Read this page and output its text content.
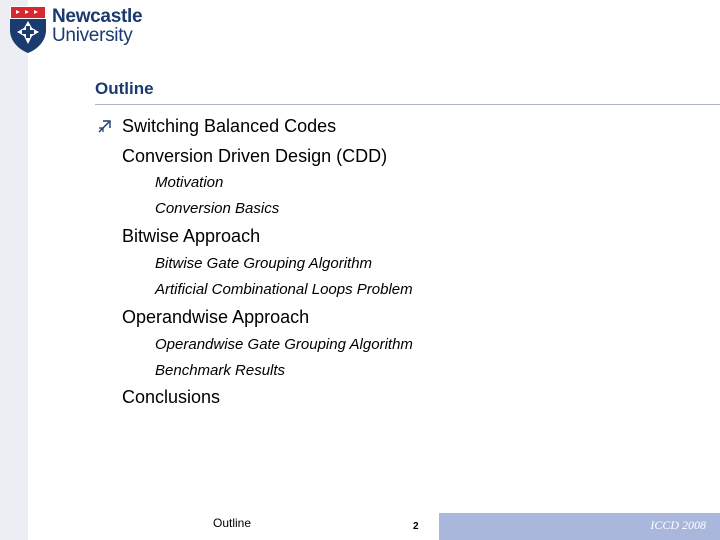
Newcastle
University
Outline
Switching Balanced Codes
Conversion Driven Design (CDD)
Motivation
Conversion Basics
Bitwise Approach
Bitwise Gate Grouping Algorithm
Artificial Combinational Loops Problem
Operandwise Approach
Operandwise Gate Grouping Algorithm
Benchmark Results
Conclusions
Outline	2	ICCD 2008
